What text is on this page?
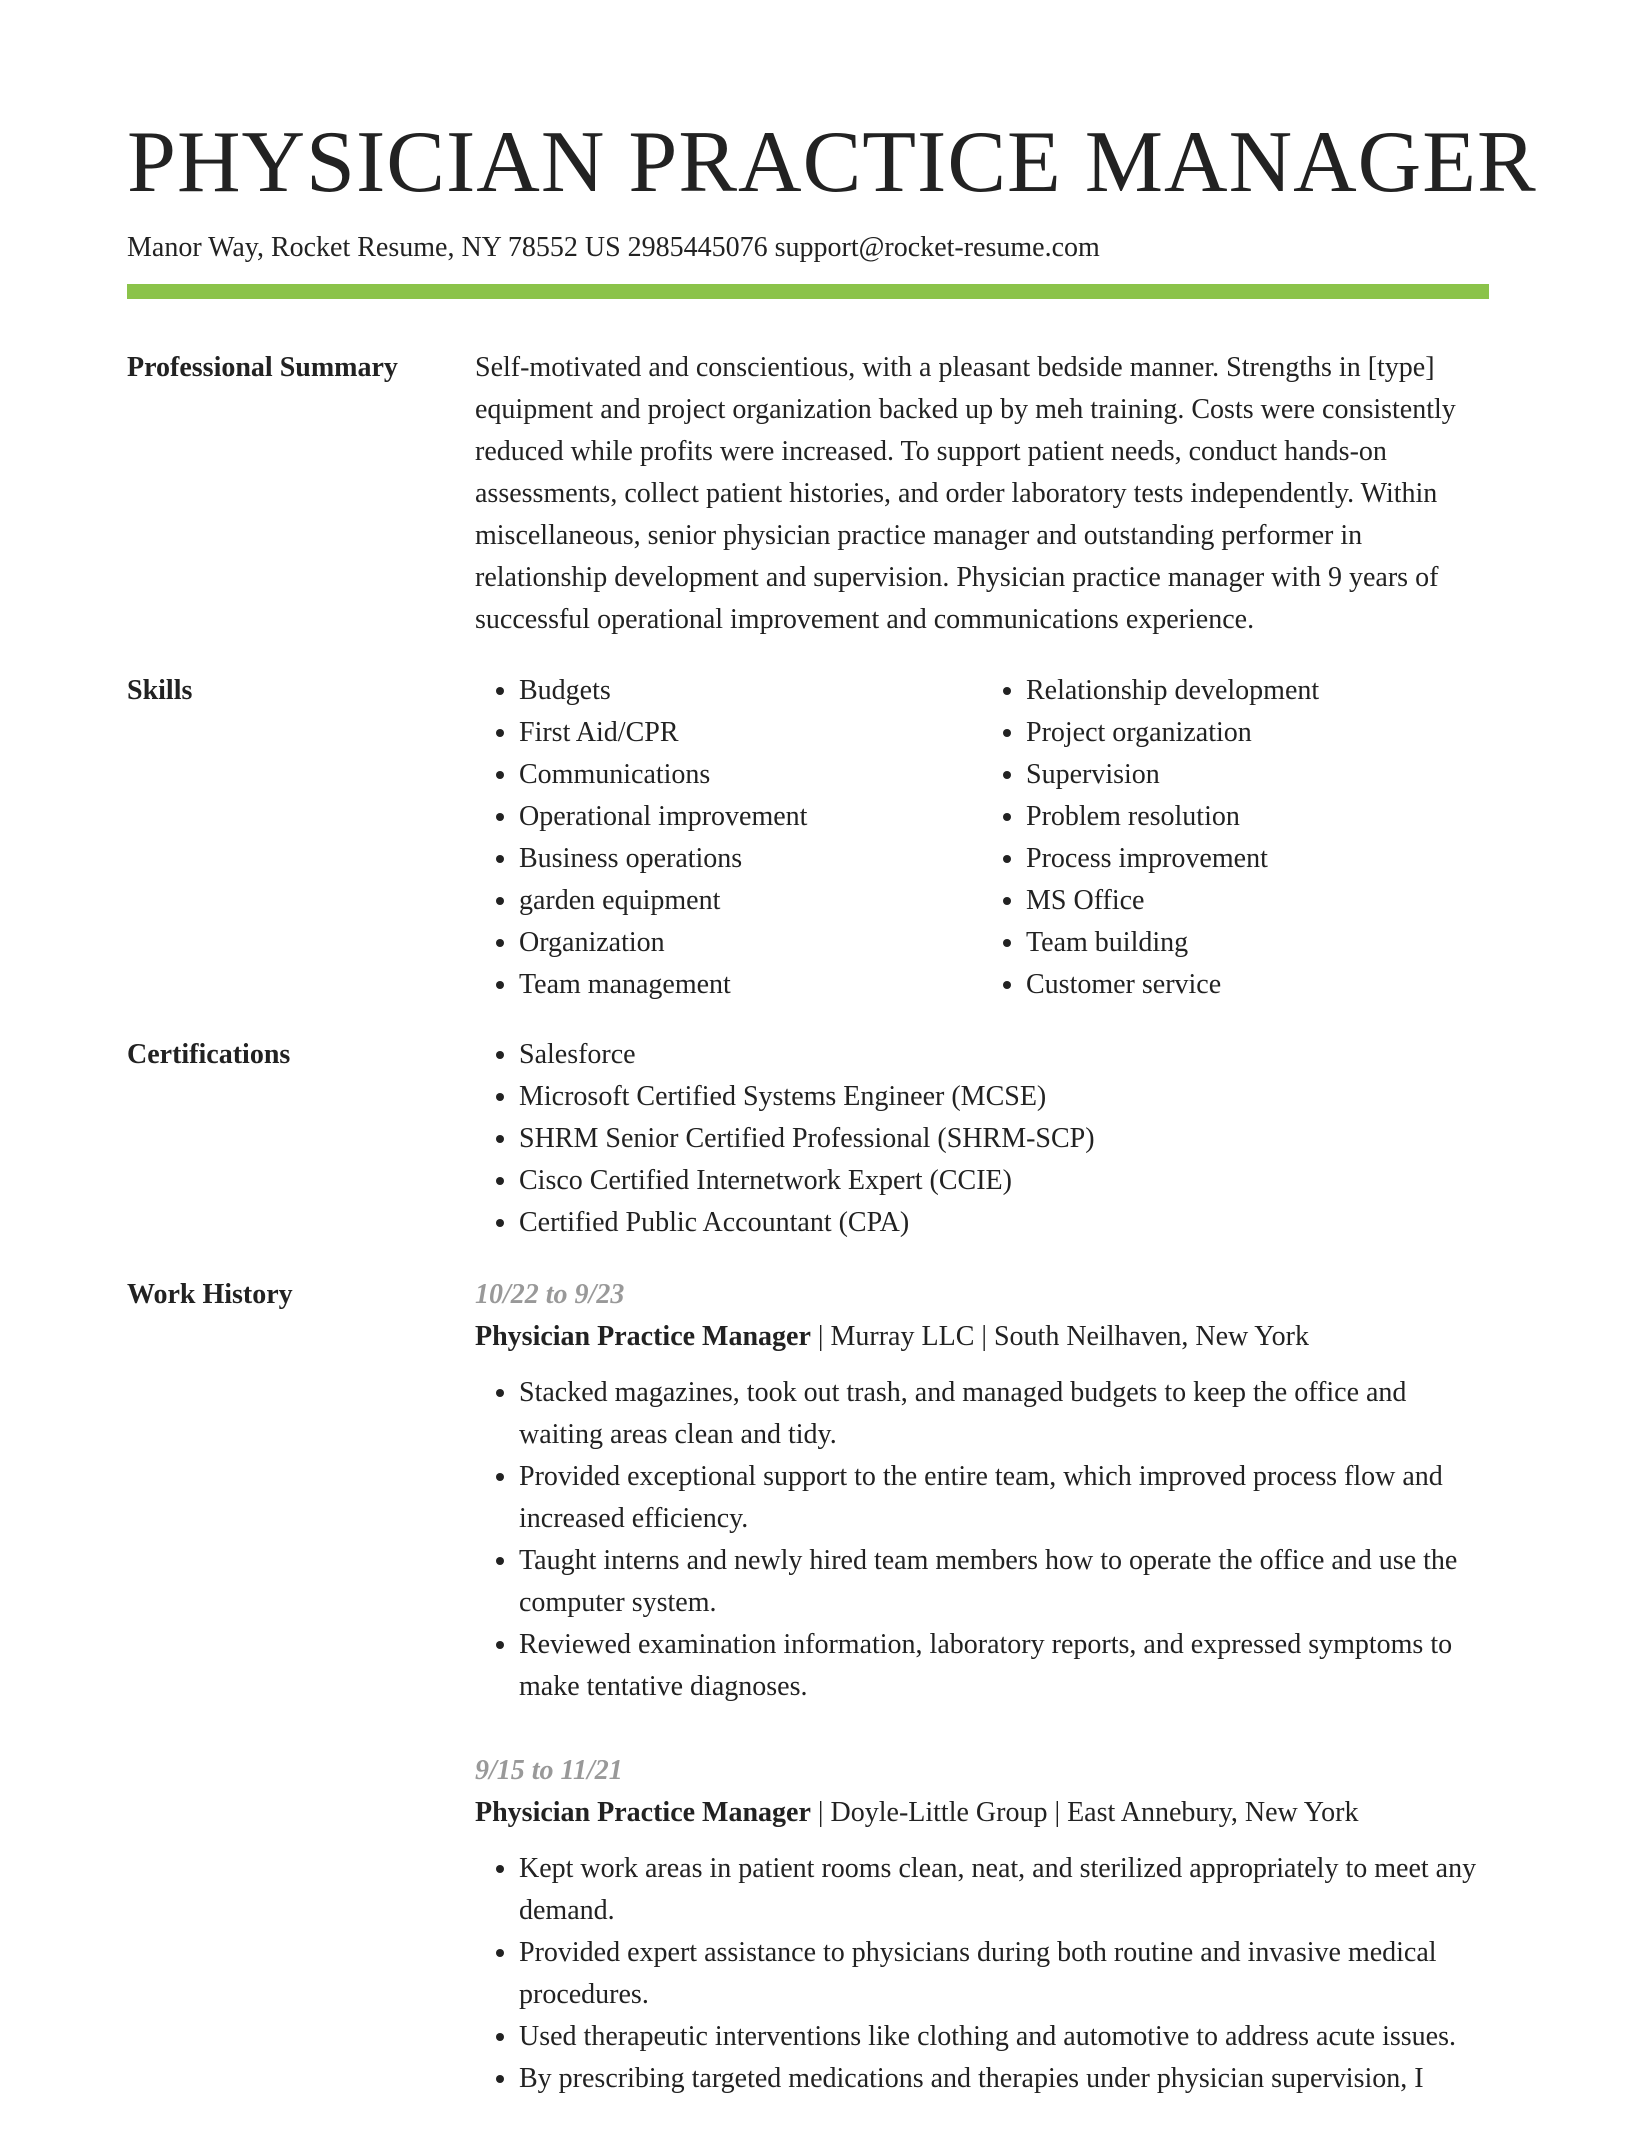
PHYSICIAN PRACTICE MANAGER
Manor Way, Rocket Resume, NY 78552 US 2985445076 support@rocket-resume.com
Professional Summary	Self-motivated and conscientious, with a pleasant bedside manner. Strengths in [type] equipment and project organization backed up by meh training. Costs were consistently reduced while profits were increased. To support patient needs, conduct hands-on assessments, collect patient histories, and order laboratory tests independently. Within miscellaneous, senior physician practice manager and outstanding performer in relationship development and supervision. Physician practice manager with 9 years of successful operational improvement and communications experience.

Skills	• Budgets
• First Aid/CPR
• Communications
• Operational improvement
• Business operations
• garden equipment
• Organization
• Team management
• Relationship development
• Project organization
• Supervision
• Problem resolution
• Process improvement
• MS Office
• Team building
• Customer service
Certifications	• Salesforce
• Microsoft Certified Systems Engineer (MCSE)
• SHRM Senior Certified Professional (SHRM-SCP)
• Cisco Certified Internetwork Expert (CCIE)
• Certified Public Accountant (CPA)
Work History	10/22 to 9/23
Physician Practice Manager | Murray LLC | South Neilhaven, New York
• Stacked magazines, took out trash, and managed budgets to keep the office and waiting areas clean and tidy.
• Provided exceptional support to the entire team, which improved process flow and increased efficiency.
• Taught interns and newly hired team members how to operate the office and use the computer system.
• Reviewed examination information, laboratory reports, and expressed symptoms to make tentative diagnoses.
9/15 to 11/21
Physician Practice Manager | Doyle-Little Group | East Annebury, New York
• Kept work areas in patient rooms clean, neat, and sterilized appropriately to meet any demand.
• Provided expert assistance to physicians during both routine and invasive medical procedures.
• Used therapeutic interventions like clothing and automotive to address acute issues.
• By prescribing targeted medications and therapies under physician supervision, I
